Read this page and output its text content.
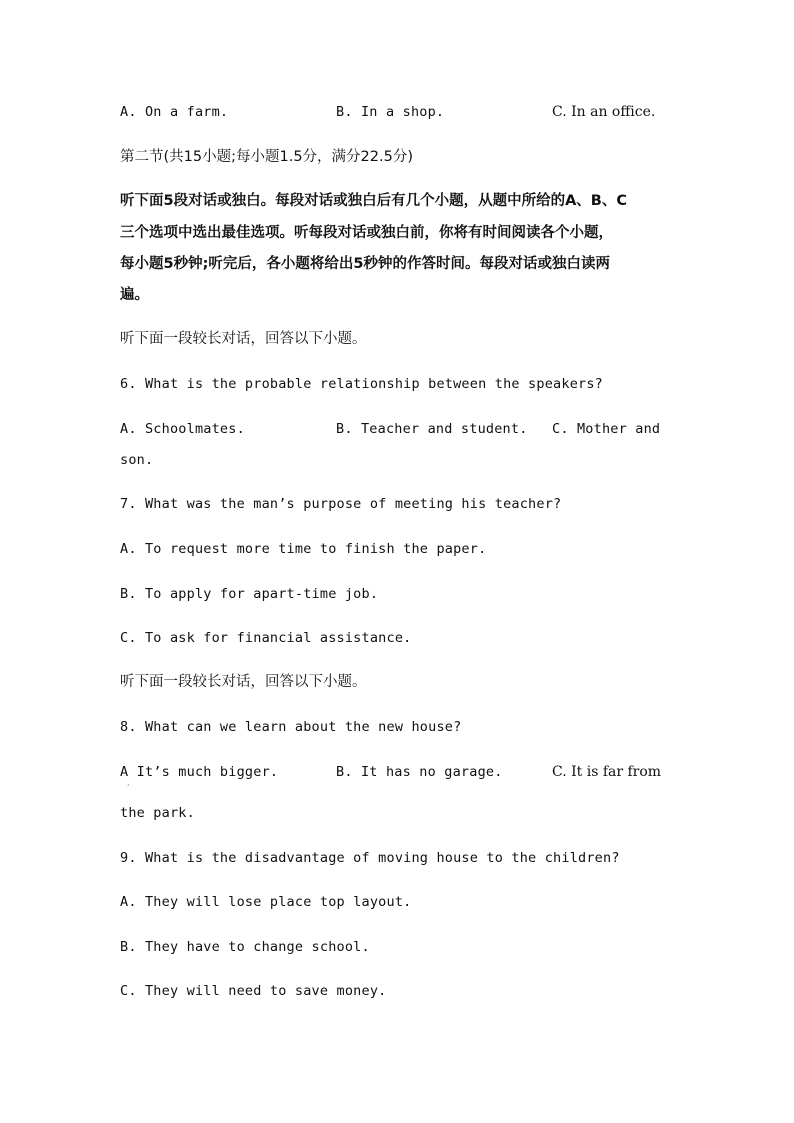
A. On a farm.	B. In a shop.	C. In an office.
第二节(共15小题;每小题1.5分，满分22.5分)
听下面5段对话或独白。每段对话或独白后有几个小题，从题中所给的A、B、C
三个选项中选出最佳选项。听每段对话或独白前，你将有时间阅读各个小题，
每小题5秒钟;听完后，各小题将给出5秒钟的作答时间。每段对话或独白读两
遍。
听下面一段较长对话，回答以下小题。
6. What is the probable relationship between the speakers?
A. Schoolmates.	B. Teacher and student. C. Mother and
son.
7. What was the man’s purpose of meeting his teacher?
A. To request more time to finish the paper.
B. To apply for apart-time job.
C. To ask for financial assistance.
听下面一段较长对话，回答以下小题。
8. What can we learn about the new house?
A It’s much bigger.
·
B. It has no garage.	C. It is far from
the park.
9. What is the disadvantage of moving house to the children?
A. They will lose place top layout.
B. They have to change school.
C. They will need to save money.
